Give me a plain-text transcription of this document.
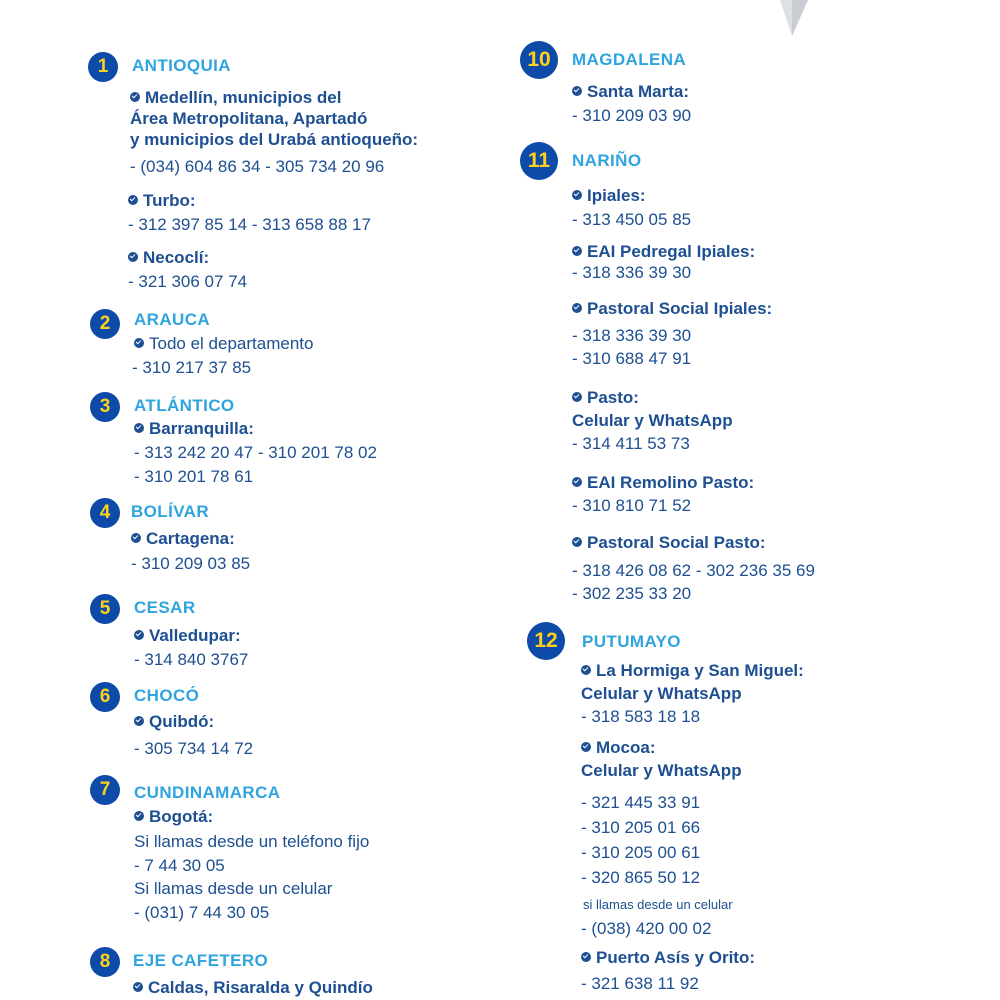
1	ANTIOQUIA
Medellín, municipios del
Área Metropolitana, Apartadó
y municipios del Urabá antioqueño:
- (034) 604 86 34 - 305 734 20 96
Turbo:
- 312 397 85 14 - 313 658 88 17
Necoclí:
- 321 306 07 74
2	ARAUCA
Todo el departamento
- 310 217 37 85
3	ATLÁNTICO
Barranquilla:
- 313 242 20 47 - 310 201 78 02
- 310 201 78 61
4	BOLÍVAR
Cartagena:
- 310 209 03 85
5	CESAR
Valledupar:
- 314 840 3767
6	CHOCÓ
Quibdó:
- 305 734 14 72
7	CUNDINAMARCA
Bogotá:
Si llamas desde un teléfono fijo
- 7 44 30 05
Si llamas desde un celular
- (031) 7 44 30 05
8	EJE CAFETERO
Caldas, Risaralda y Quindío
10	MAGDALENA
Santa Marta:
- 310 209 03 90
11	NARIÑO
Ipiales:
- 313 450 05 85
EAI Pedregal Ipiales:
- 318 336 39 30
Pastoral Social Ipiales:
- 318 336 39 30
- 310 688 47 91
Pasto:
Celular y WhatsApp
- 314 411 53 73
EAI Remolino Pasto:
- 310 810 71 52
Pastoral Social Pasto:
- 318 426 08 62 - 302 236 35 69
- 302 235 33 20
12	PUTUMAYO
La Hormiga y San Miguel:
Celular y WhatsApp
- 318 583 18 18
Mocoa:
Celular y WhatsApp
- 321 445 33 91
- 310 205 01 66
- 310 205 00 61
- 320 865 50 12
si llamas desde un celular
- (038) 420 00 02
Puerto Asís y Orito:
- 321 638 11 92
